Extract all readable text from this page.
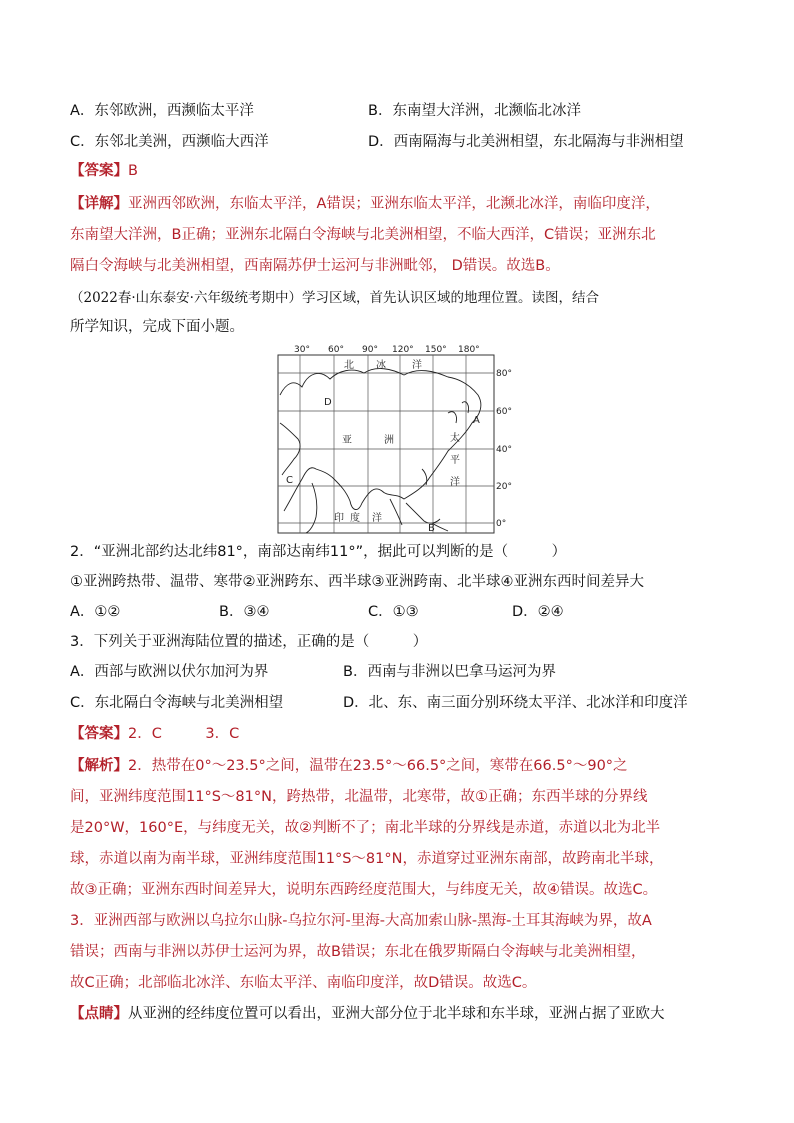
A．东邻欧洲，西濒临太平洋	B．东南望大洋洲，北濒临北冰洋
C．东邻北美洲，西濒临大西洋	D．西南隔海与北美洲相望，东北隔海与非洲相望
【答案】B
【详解】亚洲西邻欧洲，东临太平洋，A错误；亚洲东临太平洋，北濒北冰洋，南临印度洋，
东南望大洋洲，B正确；亚洲东北隔白令海峡与北美洲相望，不临大西洋，C错误；亚洲东北
隔白令海峡与北美洲相望，西南隔苏伊士运河与非洲毗邻， D错误。故选B。
（2022春·山东泰安·六年级统考期中）学习区域，首先认识区域的地理位置。读图，结合
所学知识，完成下面小题。
30° 60° 90° 120° 150° 180°
80°
60°
40°
20°
0°
北 冰	洋
亚	洲	太
平
洋
印 度 洋
A
B
C
D
2．“亚洲北部约达北纬81°，南部达南纬11°”，据此可以判断的是（　　　）
①亚洲跨热带、温带、寒带②亚洲跨东、西半球③亚洲跨南、北半球④亚洲东西时间差异大
A．①②	B．③④	C．①③	D．②④
3．下列关于亚洲海陆位置的描述，正确的是（　　　）
A．西部与欧洲以伏尔加河为界	B．西南与非洲以巴拿马运河为界
C．东北隔白令海峡与北美洲相望	D．北、东、南三面分别环绕太平洋、北冰洋和印度洋
【答案】2．C　　　3．C
【解析】2．热带在0°～23.5°之间，温带在23.5°～66.5°之间，寒带在66.5°～90°之
间，亚洲纬度范围11°S～81°N，跨热带，北温带，北寒带，故①正确；东西半球的分界线
是20°W，160°E，与纬度无关，故②判断不了；南北半球的分界线是赤道，赤道以北为北半
球，赤道以南为南半球，亚洲纬度范围11°S～81°N，赤道穿过亚洲东南部，故跨南北半球，
故③正确；亚洲东西时间差异大，说明东西跨经度范围大，与纬度无关，故④错误。故选C。
3．亚洲西部与欧洲以乌拉尔山脉-乌拉尔河-里海-大高加索山脉-黑海-土耳其海峡为界，故A
错误；西南与非洲以苏伊士运河为界，故B错误；东北在俄罗斯隔白令海峡与北美洲相望，
故C正确；北部临北冰洋、东临太平洋、南临印度洋，故D错误。故选C。
【点睛】从亚洲的经纬度位置可以看出，亚洲大部分位于北半球和东半球，亚洲占据了亚欧大
